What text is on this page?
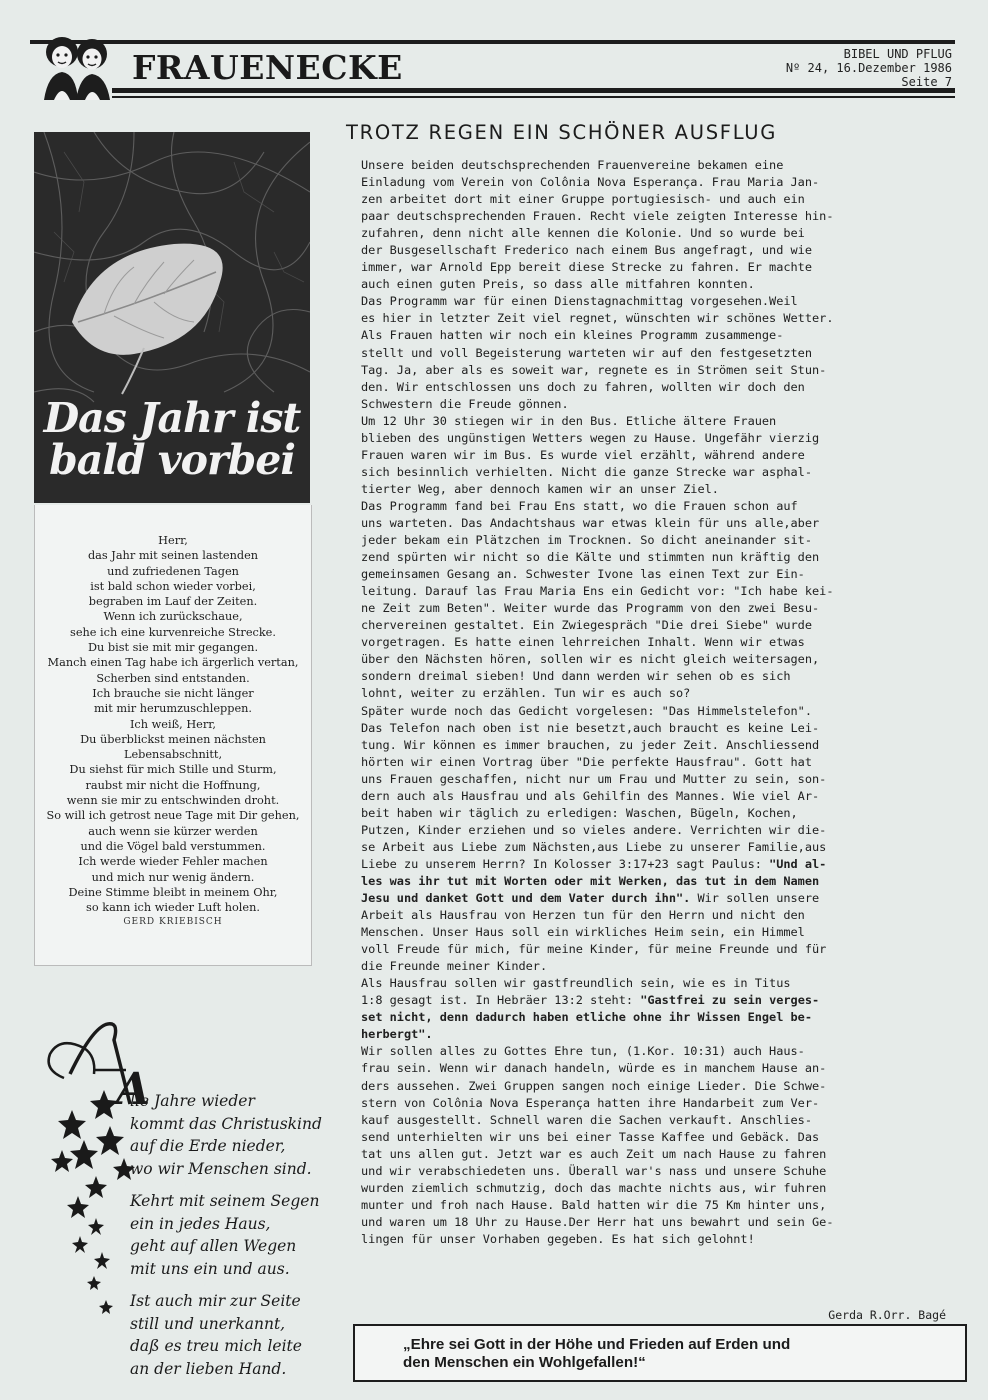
FRAUENECKE	BIBEL UND PFLUG
Nº 24, 16.Dezember 1986
Seite 7
Das Jahr ist
bald vorbei
Herr,
das Jahr mit seinen lastenden
und zufriedenen Tagen
ist bald schon wieder vorbei,
begraben im Lauf der Zeiten.
Wenn ich zurückschaue,
sehe ich eine kurvenreiche Strecke.
Du bist sie mit mir gegangen.
Manch einen Tag habe ich ärgerlich vertan,
Scherben sind entstanden.
Ich brauche sie nicht länger
mit mir herumzuschleppen.
Ich weiß, Herr,
Du überblickst meinen nächsten
Lebensabschnitt,
Du siehst für mich Stille und Sturm,
raubst mir nicht die Hoffnung,
wenn sie mir zu entschwinden droht.
So will ich getrost neue Tage mit Dir gehen,
auch wenn sie kürzer werden
und die Vögel bald verstummen.
Ich werde wieder Fehler machen
und mich nur wenig ändern.
Deine Stimme bleibt in meinem Ohr,
so kann ich wieder Luft holen.
GERD KRIEBISCH
A
lle Jahre wieder
kommt das Christuskind
auf die Erde nieder,
wo wir Menschen sind.
Kehrt mit seinem Segen
ein in jedes Haus,
geht auf allen Wegen
mit uns ein und aus.
Ist auch mir zur Seite
still und unerkannt,
daß es treu mich leite
an der lieben Hand.
TROTZ REGEN EIN SCHÖNER AUSFLUG
Unsere beiden deutschsprechenden Frauenvereine bekamen eine
Einladung vom Verein von Colônia Nova Esperança. Frau Maria Jan-
zen arbeitet dort mit einer Gruppe portugiesisch- und auch ein
paar deutschsprechenden Frauen. Recht viele zeigten Interesse hin-
zufahren, denn nicht alle kennen die Kolonie. Und so wurde bei
der Busgesellschaft Frederico nach einem Bus angefragt, und wie
immer, war Arnold Epp bereit diese Strecke zu fahren. Er machte
auch einen guten Preis, so dass alle mitfahren konnten.
Das Programm war für einen Dienstagnachmittag vorgesehen.Weil
es hier in letzter Zeit viel regnet, wünschten wir schönes Wetter.
Als Frauen hatten wir noch ein kleines Programm zusammenge-
stellt und voll Begeisterung warteten wir auf den festgesetzten
Tag. Ja, aber als es soweit war, regnete es in Strömen seit Stun-
den. Wir entschlossen uns doch zu fahren, wollten wir doch den
Schwestern die Freude gönnen.
Um 12 Uhr 30 stiegen wir in den Bus. Etliche ältere Frauen
blieben des ungünstigen Wetters wegen zu Hause. Ungefähr vierzig
Frauen waren wir im Bus. Es wurde viel erzählt, während andere
sich besinnlich verhielten. Nicht die ganze Strecke war asphal-
tierter Weg, aber dennoch kamen wir an unser Ziel.
Das Programm fand bei Frau Ens statt, wo die Frauen schon auf
uns warteten. Das Andachtshaus war etwas klein für uns alle,aber
jeder bekam ein Plätzchen im Trocknen. So dicht aneinander sit-
zend spürten wir nicht so die Kälte und stimmten nun kräftig den
gemeinsamen Gesang an. Schwester Ivone las einen Text zur Ein-
leitung. Darauf las Frau Maria Ens ein Gedicht vor: "Ich habe kei-
ne Zeit zum Beten". Weiter wurde das Programm von den zwei Besu-
chervereinen gestaltet. Ein Zwiegespräch "Die drei Siebe" wurde
vorgetragen. Es hatte einen lehrreichen Inhalt. Wenn wir etwas
über den Nächsten hören, sollen wir es nicht gleich weitersagen,
sondern dreimal sieben! Und dann werden wir sehen ob es sich
lohnt, weiter zu erzählen. Tun wir es auch so?
Später wurde noch das Gedicht vorgelesen: "Das Himmelstelefon".
Das Telefon nach oben ist nie besetzt,auch braucht es keine Lei-
tung. Wir können es immer brauchen, zu jeder Zeit. Anschliessend
hörten wir einen Vortrag über "Die perfekte Hausfrau". Gott hat
uns Frauen geschaffen, nicht nur um Frau und Mutter zu sein, son-
dern auch als Hausfrau und als Gehilfin des Mannes. Wie viel Ar-
beit haben wir täglich zu erledigen: Waschen, Bügeln, Kochen,
Putzen, Kinder erziehen und so vieles andere. Verrichten wir die-
se Arbeit aus Liebe zum Nächsten,aus Liebe zu unserer Familie,aus
Liebe zu unserem Herrn? In Kolosser 3:17+23 sagt Paulus: "Und al-
les was ihr tut mit Worten oder mit Werken, das tut in dem Namen
Jesu und danket Gott und dem Vater durch ihn". Wir sollen unsere
Arbeit als Hausfrau von Herzen tun für den Herrn und nicht den
Menschen. Unser Haus soll ein wirkliches Heim sein, ein Himmel
voll Freude für mich, für meine Kinder, für meine Freunde und für
die Freunde meiner Kinder.
Als Hausfrau sollen wir gastfreundlich sein, wie es in Titus
1:8 gesagt ist. In Hebräer 13:2 steht: "Gastfrei zu sein verges-
set nicht, denn dadurch haben etliche ohne ihr Wissen Engel be-
herbergt".
Wir sollen alles zu Gottes Ehre tun, (1.Kor. 10:31) auch Haus-
frau sein. Wenn wir danach handeln, würde es in manchem Hause an-
ders aussehen. Zwei Gruppen sangen noch einige Lieder. Die Schwe-
stern von Colônia Nova Esperança hatten ihre Handarbeit zum Ver-
kauf ausgestellt. Schnell waren die Sachen verkauft. Anschlies-
send unterhielten wir uns bei einer Tasse Kaffee und Gebäck. Das
tat uns allen gut. Jetzt war es auch Zeit um nach Hause zu fahren
und wir verabschiedeten uns. Überall war's nass und unsere Schuhe
wurden ziemlich schmutzig, doch das machte nichts aus, wir fuhren
munter und froh nach Hause. Bald hatten wir die 75 Km hinter uns,
und waren um 18 Uhr zu Hause.Der Herr hat uns bewahrt und sein Ge-
lingen für unser Vorhaben gegeben. Es hat sich gelohnt!
Gerda R.Orr. Bagé
„Ehre sei Gott in der Höhe und Frieden auf Erden und
den Menschen ein Wohlgefallen!“
